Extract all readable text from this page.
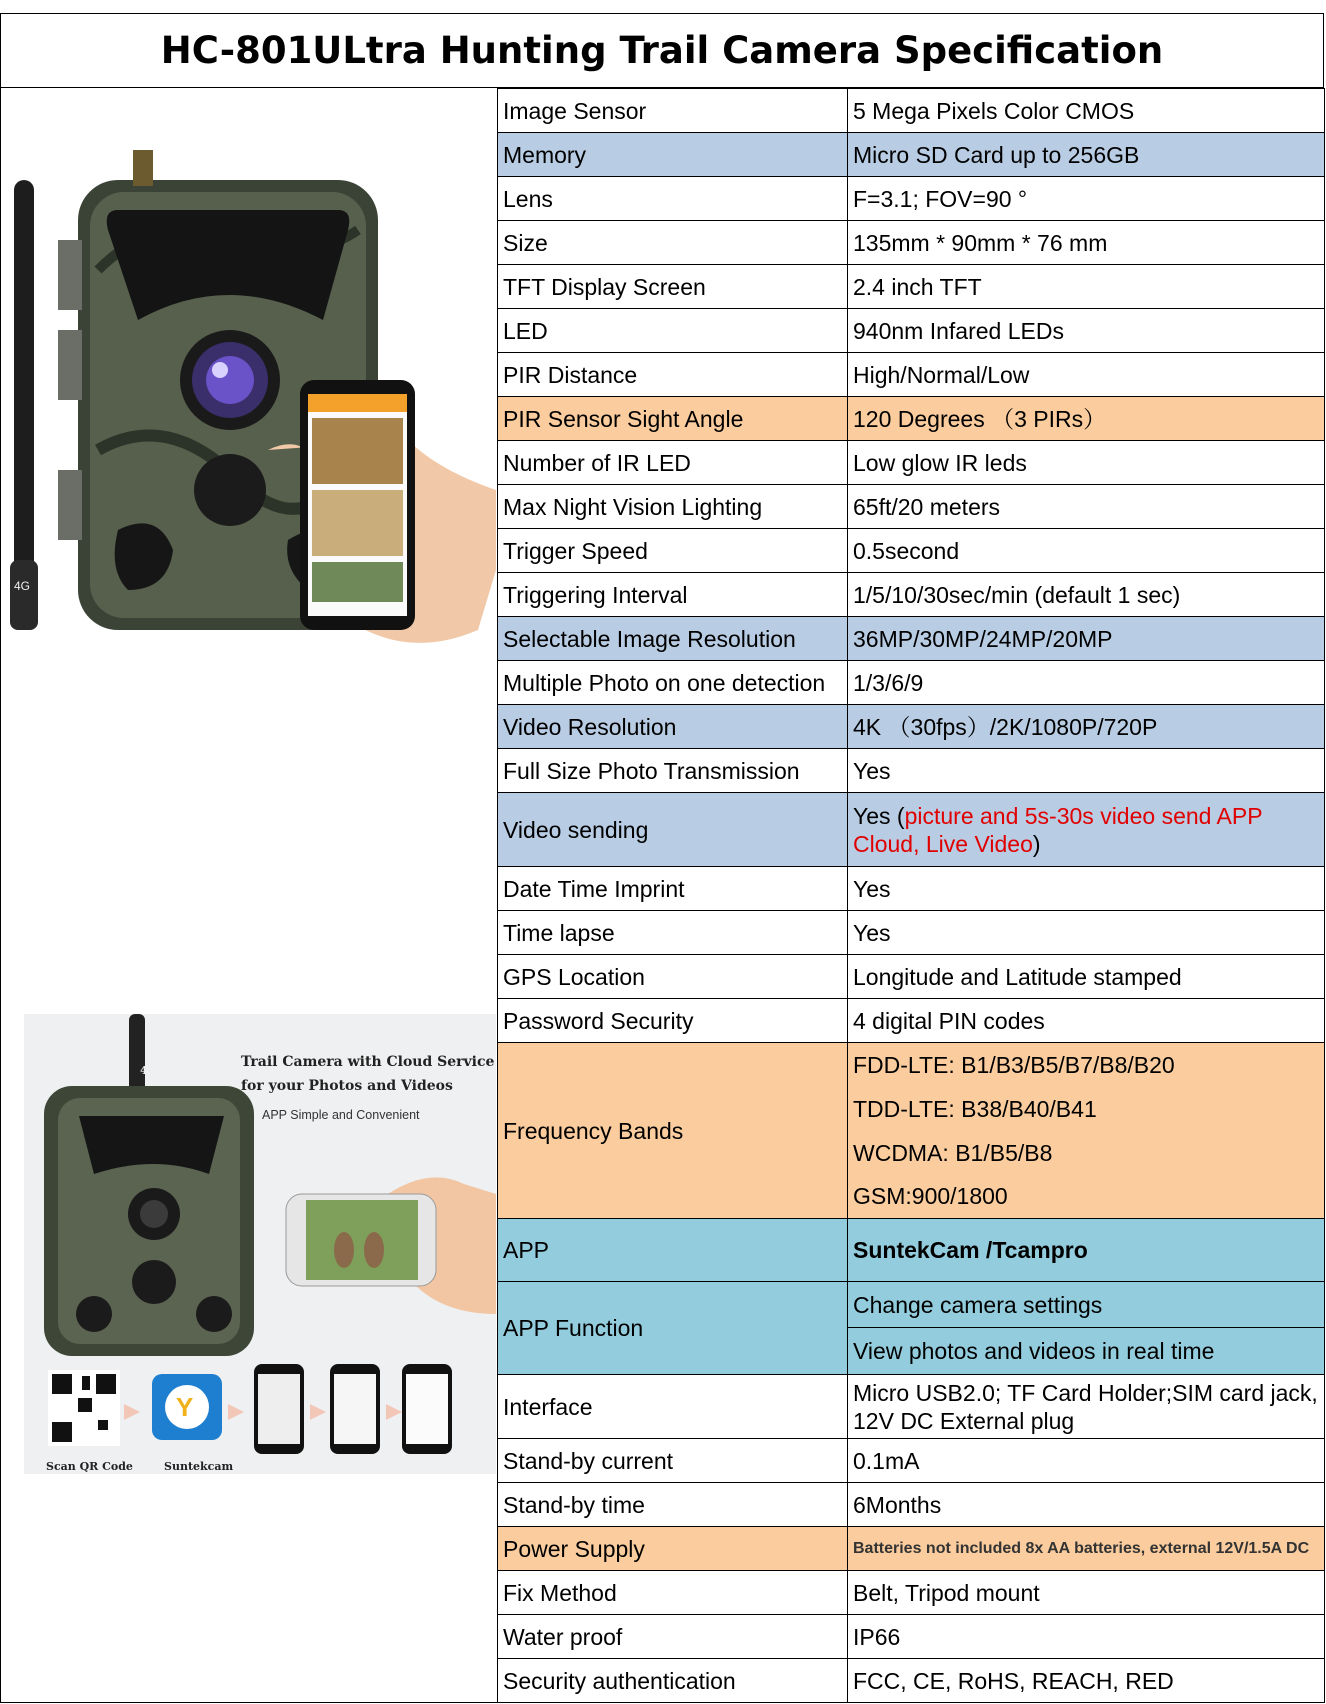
HC-801ULtra Hunting Trail Camera Specification
4G
Y
4G
Trail Camera with Cloud Service
for your Photos and Videos
APP Simple and Convenient
Scan QR Code	Suntekcam
Image Sensor	5 Mega Pixels Color CMOS
Memory	Micro SD Card up to 256GB
Lens	F=3.1; FOV=90 °
Size	135mm * 90mm * 76 mm
TFT Display Screen	2.4 inch TFT
LED	940nm Infared LEDs
PIR Distance	High/Normal/Low
PIR Sensor Sight Angle	120 Degrees （3 PIRs）
Number of IR LED	Low glow IR leds

Max Night Vision Lighting	65ft/20 meters
Trigger Speed	0.5second
Triggering Interval	1/5/10/30sec/min (default 1 sec)
Selectable Image Resolution	36MP/30MP/24MP/20MP
Multiple Photo on one detection	1/3/6/9
Video Resolution	4K （30fps）/2K/1080P/720P
Full Size Photo Transmission	Yes
Video sending	Yes (picture and 5s-30s video send APP Cloud, Live Video)
Date Time Imprint	Yes
Time lapse	Yes
GPS Location	Longitude and Latitude stamped
Password Security	4 digital PIN codes
Frequency Bands	FDD-LTE: B1/B3/B5/B7/B8/B20
	TDD-LTE: B38/B40/B41
	WCDMA: B1/B5/B8
	GSM:900/1800
APP	SuntekCam /Tcampro
APP Function	Change camera settings
	View photos and videos in real time
Interface	Micro USB2.0; TF Card Holder;SIM card jack, 12V DC External plug
Stand-by current	0.1mA
Stand-by time	6Months
Power Supply	Batteries not included 8x AA batteries, external 12V/1.5A DC
Fix Method	Belt, Tripod mount
Water proof	IP66
Security authentication	FCC, CE, RoHS, REACH, RED
